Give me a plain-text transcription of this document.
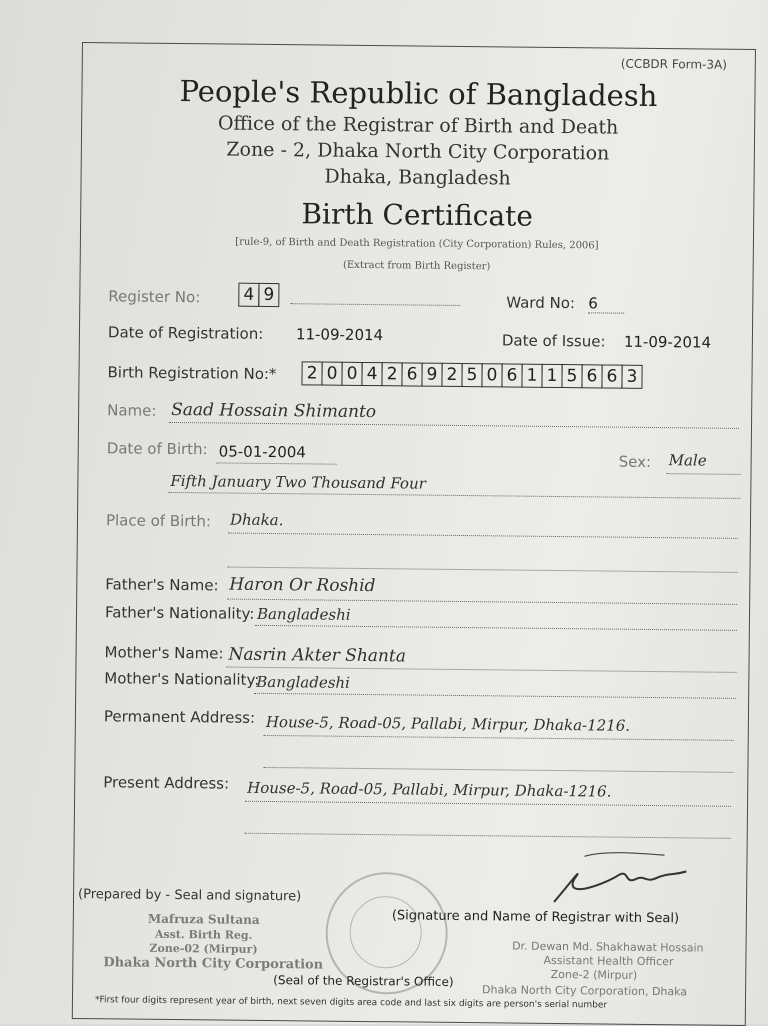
(CCBDR Form-3A)
People's Republic of Bangladesh
Office of the Registrar of Birth and Death
Zone - 2, Dhaka North City Corporation
Dhaka, Bangladesh
Birth Certificate
[rule-9, of Birth and Death Registration (City Corporation) Rules, 2006]
(Extract from Birth Register)
Register No:	4 9	Ward No: 6
Date of Registration: 11-09-2014	Date of Issue: 11-09-2014
Birth Registration No:* 2 0 0 4 2 6 9 2 5 0 6 1 1 5 6 6 3
Name: Saad Hossain Shimanto
Date of Birth: 05-01-2004
Sex: Male
Fifth January Two Thousand Four
Place of Birth: Dhaka.
Father's Name: Haron Or Roshid
Father's Nationality: Bangladeshi
Mother's Name: Nasrin Akter Shanta
Mother's Nationality:
Bangladeshi
Permanent Address: House-5, Road-05, Pallabi, Mirpur, Dhaka-1216.
Present Address: House-5, Road-05, Pallabi, Mirpur, Dhaka-1216.
(Prepared by - Seal and signature)
Mafruza Sultana
Asst. Birth Reg.
Zone-02 (Mirpur)
Dhaka North City Corporation
(Signature and Name of Registrar with Seal)
Dr. Dewan Md. Shakhawat Hossain
Assistant Health Officer
Zone-2 (Mirpur)
Dhaka North City Corporation, Dhaka
(Seal of the Registrar's Office)
*First four digits represent year of birth, next seven digits area code and last six digits are person's serial number
